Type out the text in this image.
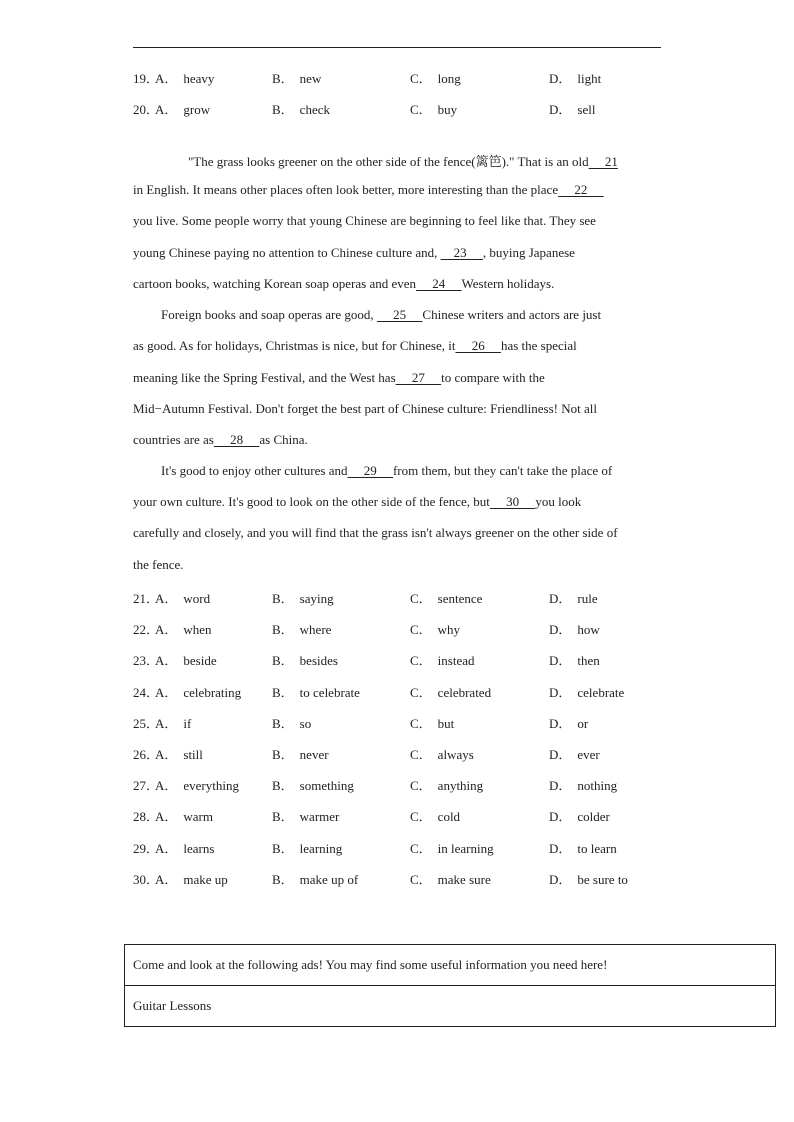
19．
A． heavy	B． new	C． long	D． light
20．
A． grow	B． check	C． buy	D． sell
"The grass looks greener on the other side of the fence(篱笆)." That is an old     21
in English. It means other places often look better, more interesting than the place     22
you live. Some people worry that young Chinese are beginning to feel like that. They see
young Chinese paying no attention to Chinese culture and,     23     , buying Japanese
cartoon books, watching Korean soap operas and even     24     Western holidays.
Foreign books and soap operas are good,      25     Chinese writers and actors are just
as good. As for holidays, Christmas is nice, but for Chinese, it     26     has the special
meaning like the Spring Festival, and the West has     27     to compare with the
Mid−Autumn Festival. Don't forget the best part of Chinese culture: Friendliness! Not all
countries are as     28     as China.
It's good to enjoy other cultures and     29     from them, but they can't take the place of
your own culture. It's good to look on the other side of the fence, but     30     you look
carefully and closely, and you will find that the grass isn't always greener on the other side of
the fence.
21．
A． word	B． saying	C． sentence	D． rule
22．
A． when	B． where	C． why	D． how
23．
A． beside	B． besides	C． instead	D． then
24．
A． celebrating B． to celebrate	C． celebrated	D． celebrate
25．
A． if	B． so	C． but	D． or
26．
A． still	B． never	C． always	D． ever
27．
A． everything	B． something	C． anything	D． nothing
28．
A． warm	B． warmer	C． cold	D． colder
29．
A． learns	B． learning	C． in learning	D． to learn
30．
A． make up	B． make up of	C． make sure	D． be sure to
Come and look at the following ads! You may find some useful information you need here!
Guitar Lessons
